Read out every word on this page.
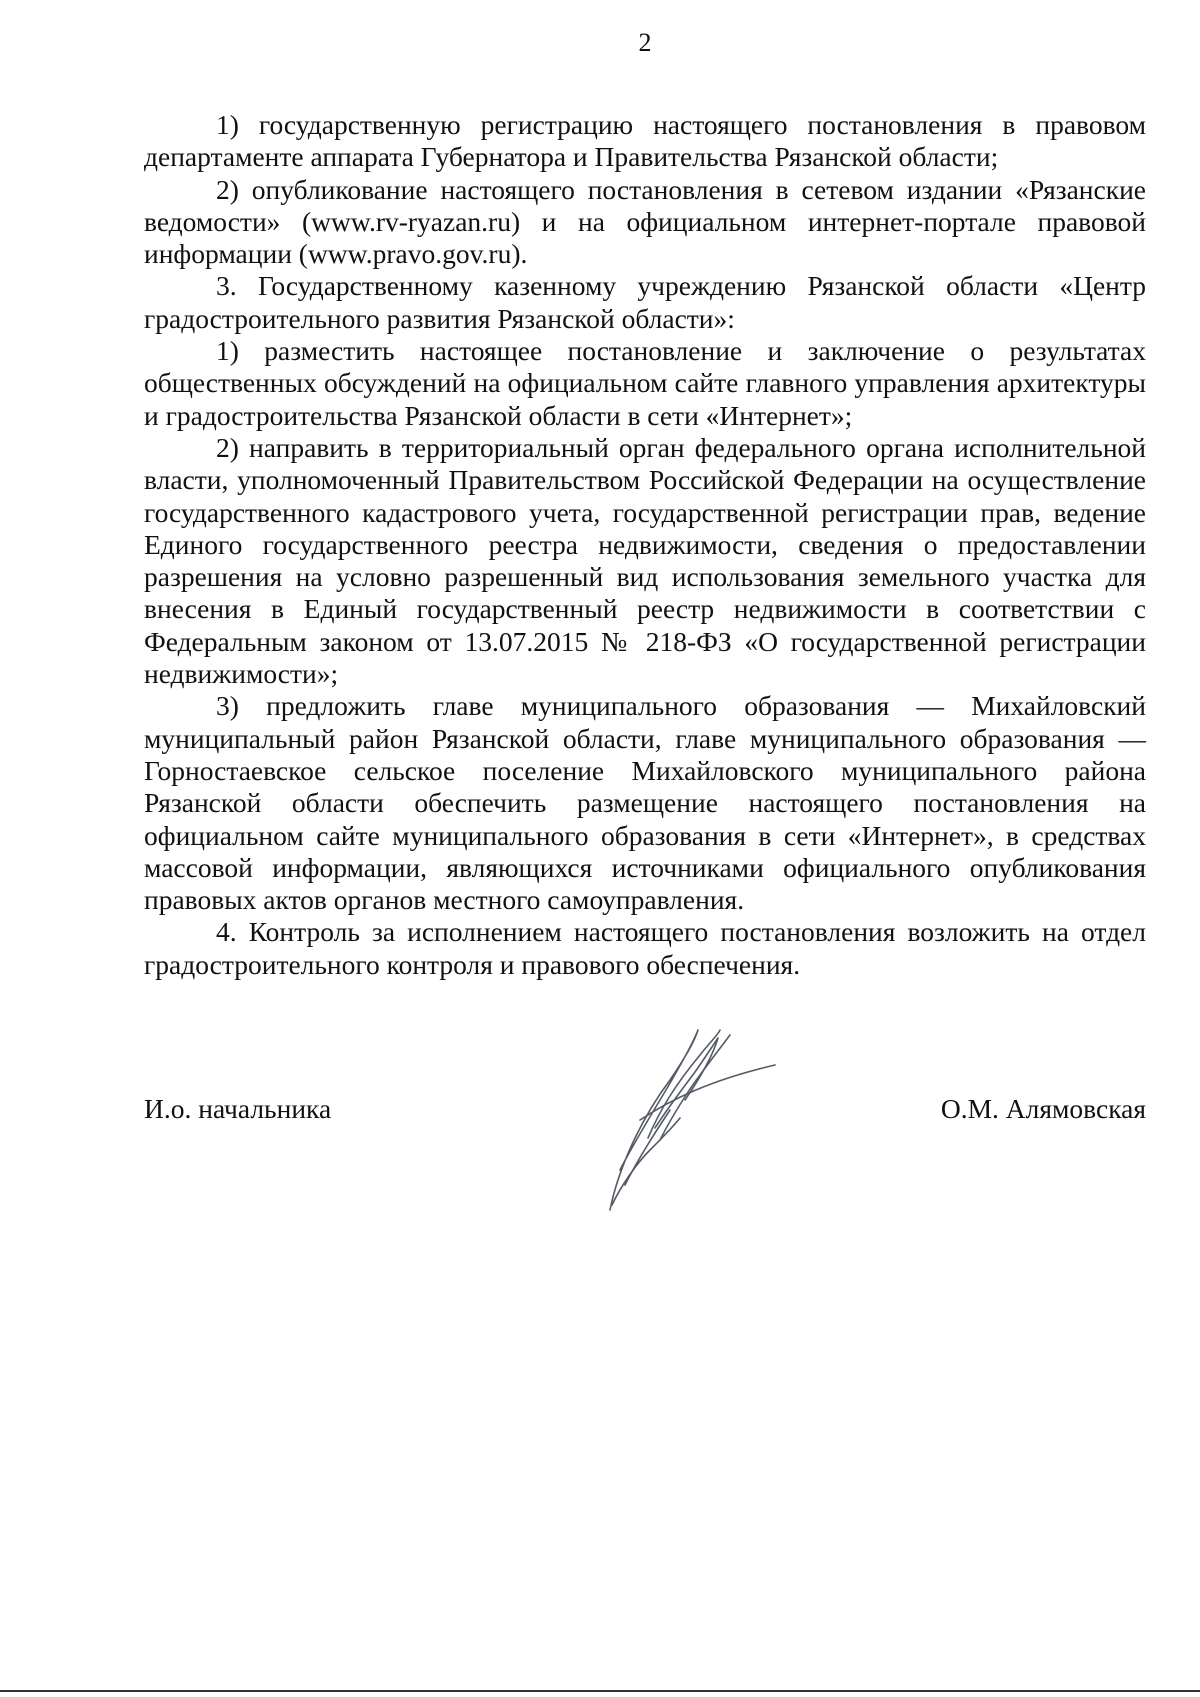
2

1) государственную регистрацию настоящего постановления в правовом департаменте аппарата Губернатора и Правительства Рязанской области;

2) опубликование настоящего постановления в сетевом издании «Рязанские ведомости» (www.rv-ryazan.ru) и на официальном интернет-портале правовой информации (www.pravo.gov.ru).

3. Государственному казенному учреждению Рязанской области «Центр градостроительного развития Рязанской области»:

1) разместить настоящее постановление и заключение о результатах общественных обсуждений на официальном сайте главного управления архитектуры и градостроительства Рязанской области в сети «Интернет»;

2) направить в территориальный орган федерального органа исполнительной власти, уполномоченный Правительством Российской Федерации на осуществление государственного кадастрового учета, государственной регистрации прав, ведение Единого государственного реестра недвижимости, сведения о предоставлении разрешения на условно разрешенный вид использования земельного участка для внесения в Единый государственный реестр недвижимости в соответствии с Федеральным законом от 13.07.2015 № 218-ФЗ «О государственной регистрации недвижимости»;

3) предложить главе муниципального образования — Михайловский муниципальный район Рязанской области, главе муниципального образования — Горностаевское сельское поселение Михайловского муниципального района Рязанской области обеспечить размещение настоящего постановления на официальном сайте муниципального образования в сети «Интернет», в средствах массовой информации, являющихся источниками официального опубликования правовых актов органов местного самоуправления.

4. Контроль за исполнением настоящего постановления возложить на отдел градостроительного контроля и правового обеспечения.

И.о. начальника	О.М. Алямовская
